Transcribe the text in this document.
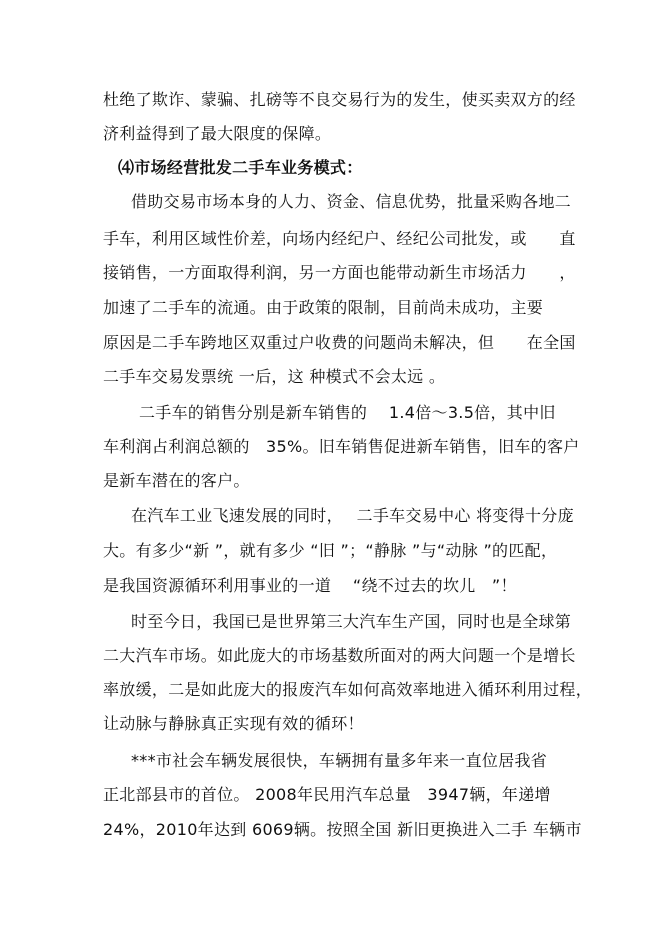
杜绝了欺诈、蒙骗、扎磅等不良交易行为的发生，使买卖双方的经
济利益得到了最大限度的保障。
⑷市场经营批发二手车业务模式：
借助交易市场本身的人力、资金、信息优势，批量采购各地二
手车，利用区域性价差，向场内经纪户、经纪公司批发，或　　直
接销售，一方面取得利润，另一方面也能带动新生市场活力　　，
加速了二手车的流通。由于政策的限制，目前尚未成功，主要
原因是二手车跨地区双重过户收费的问题尚未解决，但　　在全国
二手车交易发票统 一后，这 种模式不会太远 。
二手车的销售分别是新车销售的　 1.4倍～3.5倍，其中旧
车利润占利润总额的　35%。旧车销售促进新车销售，旧车的客户
是新车潜在的客户。
在汽车工业飞速发展的同时，　 二手车交易中心 将变得十分庞
大。有多少“新 ”，就有多少 “旧 ”；“静脉 ”与“动脉 ”的匹配，
是我国资源循环利用事业的一道　 “绕不过去的坎儿　”！
时至今日，我国已是世界第三大汽车生产国，同时也是全球第
二大汽车市场。如此庞大的市场基数所面对的两大问题一个是增长
率放缓，二是如此庞大的报废汽车如何高效率地进入循环利用过程，
让动脉与静脉真正实现有效的循环！
***市社会车辆发展很快，车辆拥有量多年来一直位居我省
正北部县市的首位。 2008年民用汽车总量　3947辆，年递增
24%，2010年达到 6069辆。按照全国 新旧更换进入二手 车辆市
